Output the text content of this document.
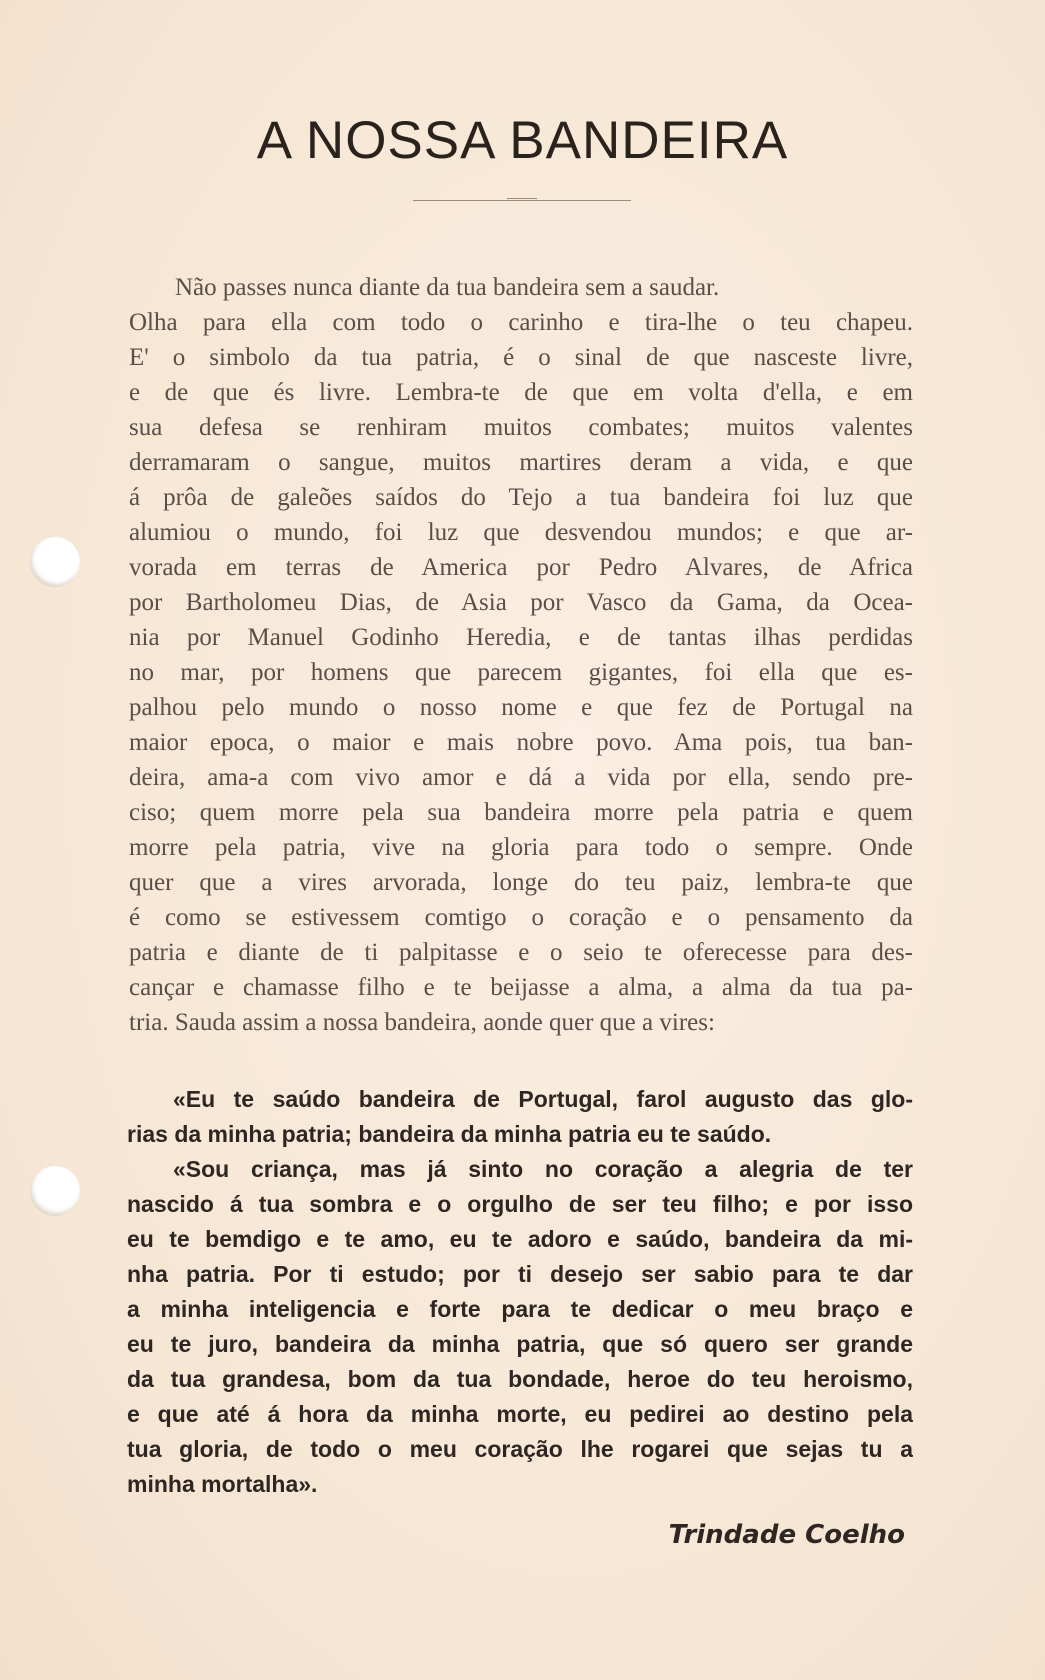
A NOSSA BANDEIRA
Não passes nunca diante da tua bandeira sem a saudar.
Olha para ella com todo o carinho e tira-lhe o teu chapeu.
E' o simbolo da tua patria, é o sinal de que nasceste livre,
e de que és livre. Lembra-te de que em volta d'ella, e em
sua defesa se renhiram muitos combates; muitos valentes
derramaram o sangue, muitos martires deram a vida, e que
á prôa de galeões saídos do Tejo a tua bandeira foi luz que
alumiou o mundo, foi luz que desvendou mundos; e que ar-
vorada em terras de America por Pedro Alvares, de Africa
por Bartholomeu Dias, de Asia por Vasco da Gama, da Ocea-
nia por Manuel Godinho Heredia, e de tantas ilhas perdidas
no mar, por homens que parecem gigantes, foi ella que es-
palhou pelo mundo o nosso nome e que fez de Portugal na
maior epoca, o maior e mais nobre povo. Ama pois, tua ban-
deira, ama-a com vivo amor e dá a vida por ella, sendo pre-
ciso; quem morre pela sua bandeira morre pela patria e quem
morre pela patria, vive na gloria para todo o sempre. Onde
quer que a vires arvorada, longe do teu paiz, lembra-te que
é como se estivessem comtigo o coração e o pensamento da
patria e diante de ti palpitasse e o seio te oferecesse para des-
cançar e chamasse filho e te beijasse a alma, a alma da tua pa-
tria. Sauda assim a nossa bandeira, aonde quer que a vires:
«Eu te saúdo bandeira de Portugal, farol augusto das glo-
rias da minha patria; bandeira da minha patria eu te saúdo.
«Sou criança, mas já sinto no coração a alegria de ter
nascido á tua sombra e o orgulho de ser teu filho; e por isso
eu te bemdigo e te amo, eu te adoro e saúdo, bandeira da mi-
nha patria. Por ti estudo; por ti desejo ser sabio para te dar
a minha inteligencia e forte para te dedicar o meu braço e
eu te juro, bandeira da minha patria, que só quero ser grande
da tua grandesa, bom da tua bondade, heroe do teu heroismo,
e que até á hora da minha morte, eu pedirei ao destino pela
tua gloria, de todo o meu coração lhe rogarei que sejas tu a
minha mortalha».
Trindade Coelho
